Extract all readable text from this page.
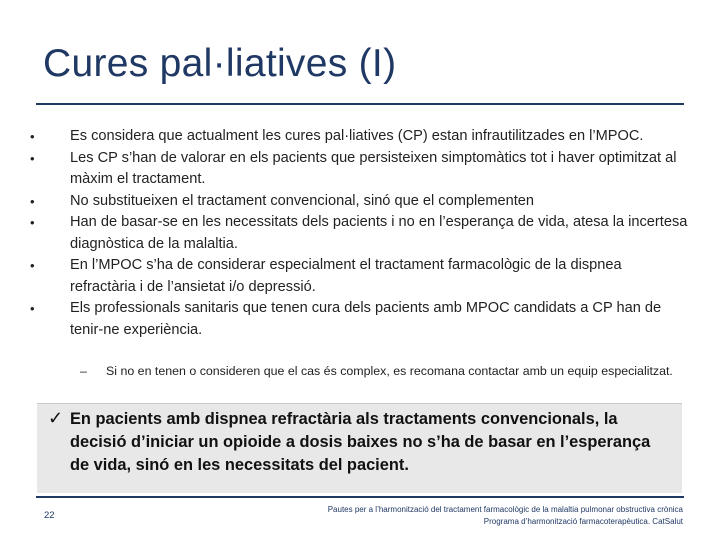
Cures pal·liatives (I)
•	Es considera que actualment les cures pal·liatives (CP) estan infrautilitzades en l’MPOC.
•	Les CP s’han de valorar en els pacients que persisteixen simptomàtics tot i haver optimitzat al màxim el tractament.
•	No substitueixen el tractament convencional, sinó que el complementen
•	Han de basar-se en les necessitats dels pacients i no en l’esperança de vida, atesa la incertesa diagnòstica de la malaltia.
•	En l’MPOC s’ha de considerar especialment el tractament farmacològic de la dispnea refractària i de l’ansietat i/o depressió.
•	Els professionals sanitaris que tenen cura dels pacients amb MPOC candidats a CP han de tenir-ne experiència.
–	Si no en tenen o consideren que el cas és complex, es recomana contactar amb un equip especialitzat.
✓ En pacients amb dispnea refractària als tractaments convencionals, la decisió d’iniciar un opioide a dosis baixes no s’ha de basar en l’esperança de vida, sinó en les necessitats del pacient.
22
Pautes per a l’harmonització del tractament farmacològic de la malaltia pulmonar obstructiva crònica
Programa d’harmonització farmacoterapèutica. CatSalut
